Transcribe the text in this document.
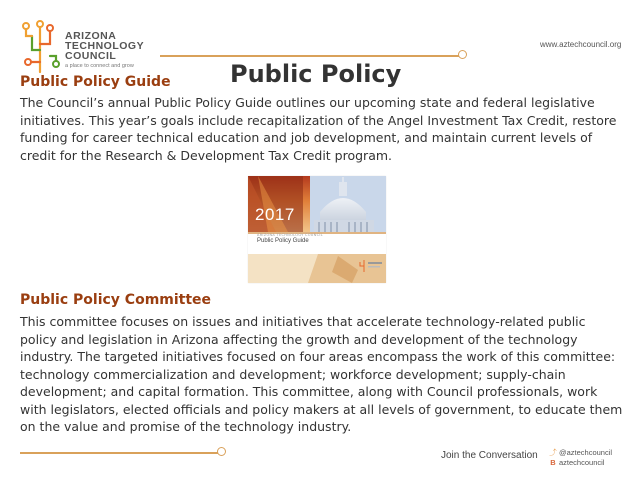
ARIZONA
TECHNOLOGY
COUNCIL
a place to connect and grow
www.aztechcouncil.org
Public Policy
Public Policy Guide

The Council’s annual Public Policy Guide outlines our upcoming state and federal legislative initiatives. This year’s goals include recapitalization of the Angel Investment Tax Credit, restore funding for career technical education and job development, and maintain current levels of credit for the Research & Development Tax Credit program.

2017
ARIZONA TECHNOLOGY COUNCIL
Public Policy Guide
Public Policy Committee

This committee focuses on issues and initiatives that accelerate technology-related public policy and legislation in Arizona affecting the growth and development of the technology industry. The targeted initiatives focused on four areas encompass the work of this committee: technology commercialization and development; workforce development; supply-chain development; and capital formation. This committee, along with Council professionals, work with legislators, elected officials and policy makers at all levels of government, to educate them on the value and promise of the technology industry.

Join the Conversation ⤴ @aztechcouncil
B aztechcouncil
